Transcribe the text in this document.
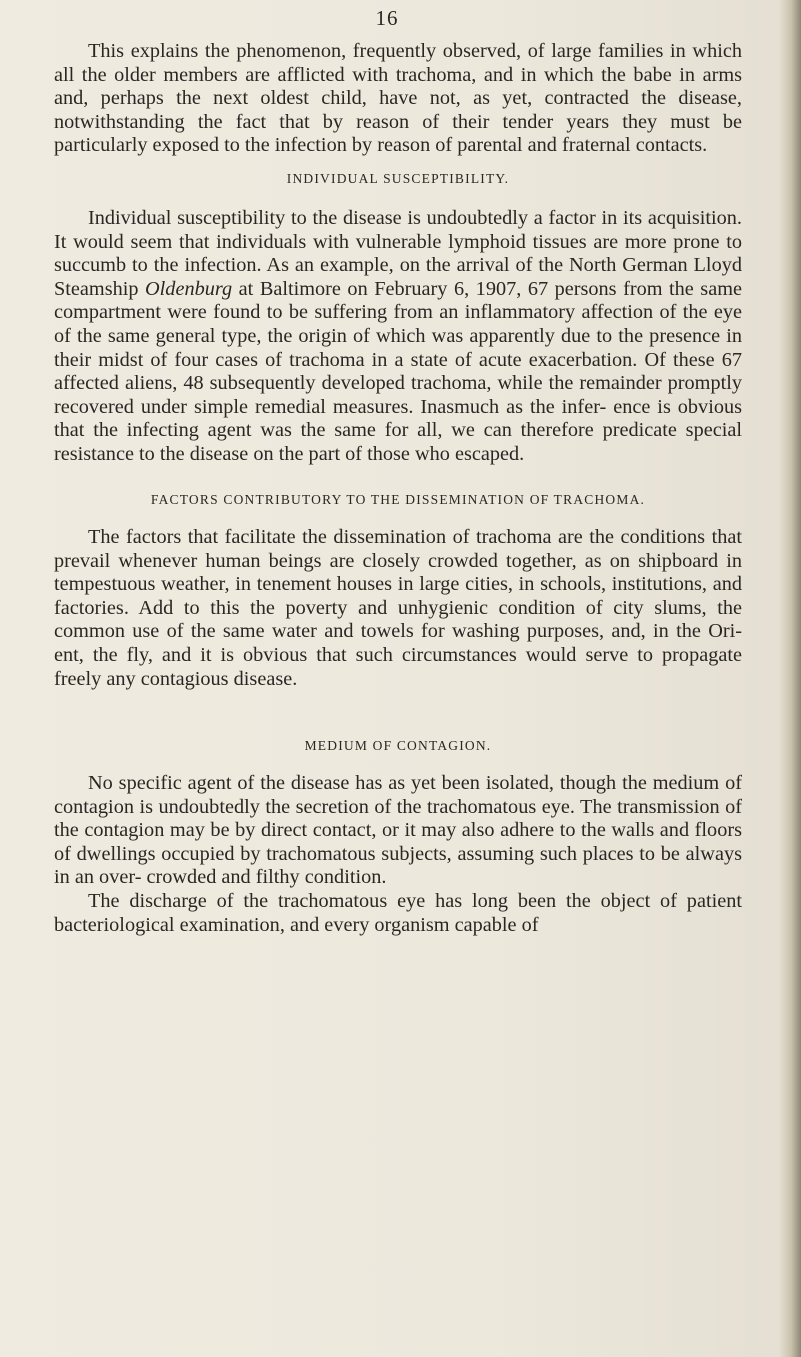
16

This explains the phenomenon, frequently observed, of large families in which all the older members are afflicted with trachoma, and in which the babe in arms and, perhaps the next oldest child, have not, as yet, contracted the disease, notwithstanding the fact that by reason of their tender years they must be particularly exposed to the infection by reason of parental and fraternal contacts.

INDIVIDUAL SUSCEPTIBILITY.

Individual susceptibility to the disease is undoubtedly a factor in its acquisition. It would seem that individuals with vulnerable lymphoid tissues are more prone to succumb to the infection. As an example, on the arrival of the North German Lloyd Steamship Oldenburg at Baltimore on February 6, 1907, 67 persons from the same compartment were found to be suffering from an inflammatory affection of the eye of the same general type, the origin of which was apparently due to the presence in their midst of four cases of trachoma in a state of acute exacerbation. Of these 67 affected aliens, 48 subsequently developed trachoma, while the remainder promptly recovered under simple remedial measures. Inasmuch as the infer- ence is obvious that the infecting agent was the same for all, we can therefore predicate special resistance to the disease on the part of those who escaped.

FACTORS CONTRIBUTORY TO THE DISSEMINATION OF TRACHOMA.

The factors that facilitate the dissemination of trachoma are the conditions that prevail whenever human beings are closely crowded together, as on shipboard in tempestuous weather, in tenement houses in large cities, in schools, institutions, and factories. Add to this the poverty and unhygienic condition of city slums, the common use of the same water and towels for washing purposes, and, in the Ori- ent, the fly, and it is obvious that such circumstances would serve to propagate freely any contagious disease.

MEDIUM OF CONTAGION.

No specific agent of the disease has as yet been isolated, though the medium of contagion is undoubtedly the secretion of the trachomatous eye. The transmission of the contagion may be by direct contact, or it may also adhere to the walls and floors of dwellings occupied by trachomatous subjects, assuming such places to be always in an over- crowded and filthy condition.

The discharge of the trachomatous eye has long been the object of patient bacteriological examination, and every organism capable of
